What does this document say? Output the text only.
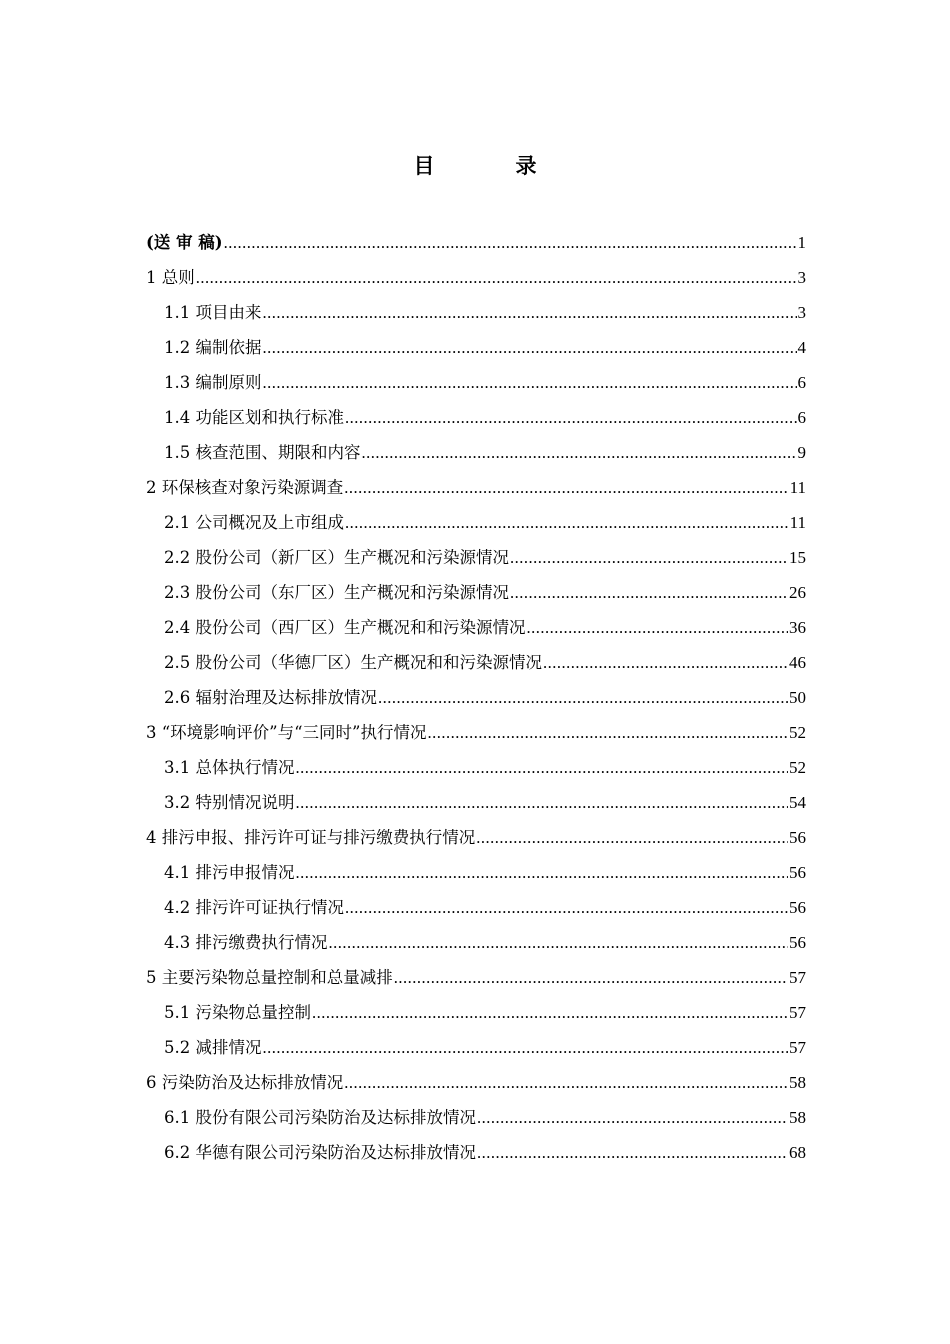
目　录
(送 审 稿) .....	1
1 总则 .....	3
1.1 项目由来 .....	3
1.2 编制依据 .....	4
1.3 编制原则 .....	6
1.4 功能区划和执行标准 .....	6
1.5 核查范围、期限和内容 .....	9
2 环保核查对象污染源调查 .....	11
2.1 公司概况及上市组成 .....	11
2.2 股份公司（新厂区）生产概况和污染源情况 .....	15
2.3 股份公司（东厂区）生产概况和污染源情况 .....	26
2.4 股份公司（西厂区）生产概况和和污染源情况 .....	36
2.5 股份公司（华德厂区）生产概况和和污染源情况 .....	46
2.6 辐射治理及达标排放情况 .....	50
3 “环境影响评价”与“三同时”执行情况 .....	52
3.1 总体执行情况 .....	52
3.2 特别情况说明 .....	54
4 排污申报、排污许可证与排污缴费执行情况 .....	56
4.1 排污申报情况 .....	56
4.2 排污许可证执行情况 .....	56
4.3 排污缴费执行情况 .....	56
5 主要污染物总量控制和总量减排 .....	57
5.1 污染物总量控制 .....	57
5.2 减排情况 .....	57
6 污染防治及达标排放情况 .....	58
6.1 股份有限公司污染防治及达标排放情况 .....	58
6.2 华德有限公司污染防治及达标排放情况 .....	68
